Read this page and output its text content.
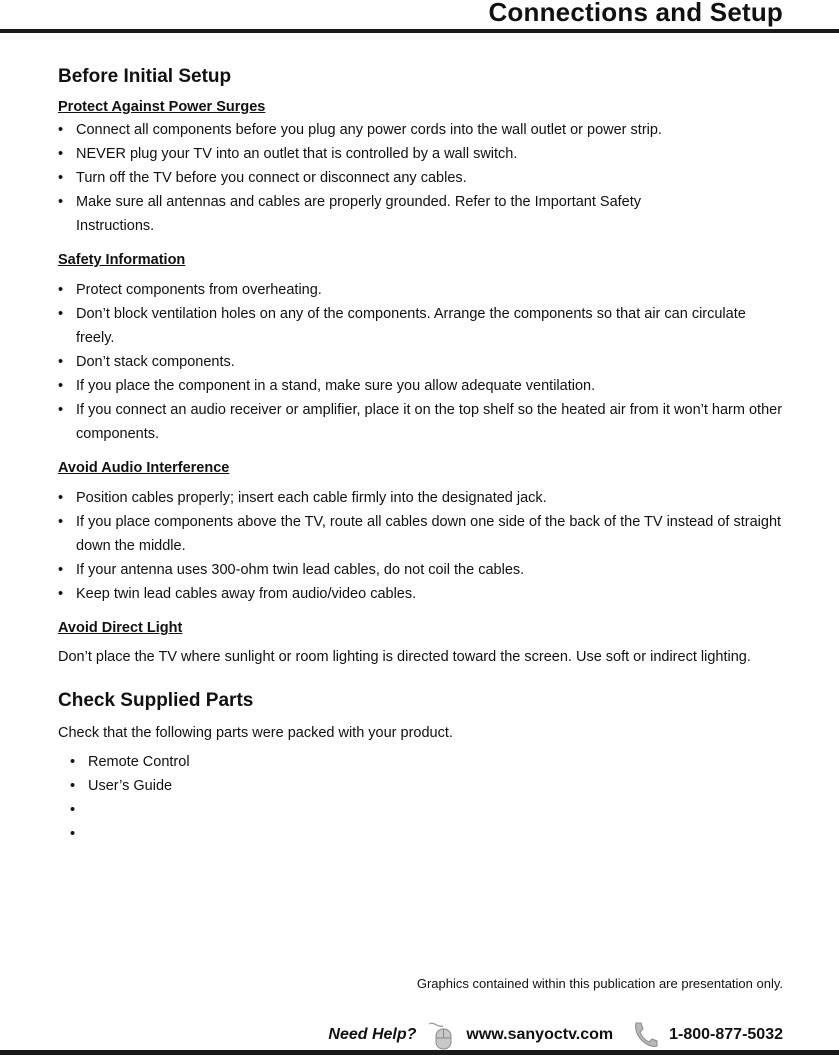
Connections and Setup
Before Initial Setup
Protect Against Power Surges
• Connect all components before you plug any power cords into the wall outlet or power strip.
• NEVER plug your TV into an outlet that is controlled by a wall switch.
• Turn off the TV before you connect or disconnect any cables.
• Make sure all antennas and cables are properly grounded. Refer to the Important Safety Instructions.
Safety Information
• Protect components from overheating.
• Don’t block ventilation holes on any of the components. Arrange the components so that air can circulate freely.
• Don’t stack components.
• If you place the component in a stand, make sure you allow adequate ventilation.
• If you connect an audio receiver or amplifier, place it on the top shelf so the heated air from it won’t harm other components.
Avoid Audio Interference
• Position cables properly; insert each cable firmly into the designated jack.
• If you place components above the TV, route all cables down one side of the back of the TV instead of straight down the middle.
• If your antenna uses 300-ohm twin lead cables, do not coil the cables.
• Keep twin lead cables away from audio/video cables.
Avoid Direct Light

Don’t place the TV where sunlight or room lighting is directed toward the screen. Use soft or indirect lighting.

Check Supplied Parts

Check that the following parts were packed with your product.

• Remote Control
• User’s Guide
•
•
Graphics contained within this publication are presentation only.
Need Help?	www.sanyoctv.com	1-800-877-5032
